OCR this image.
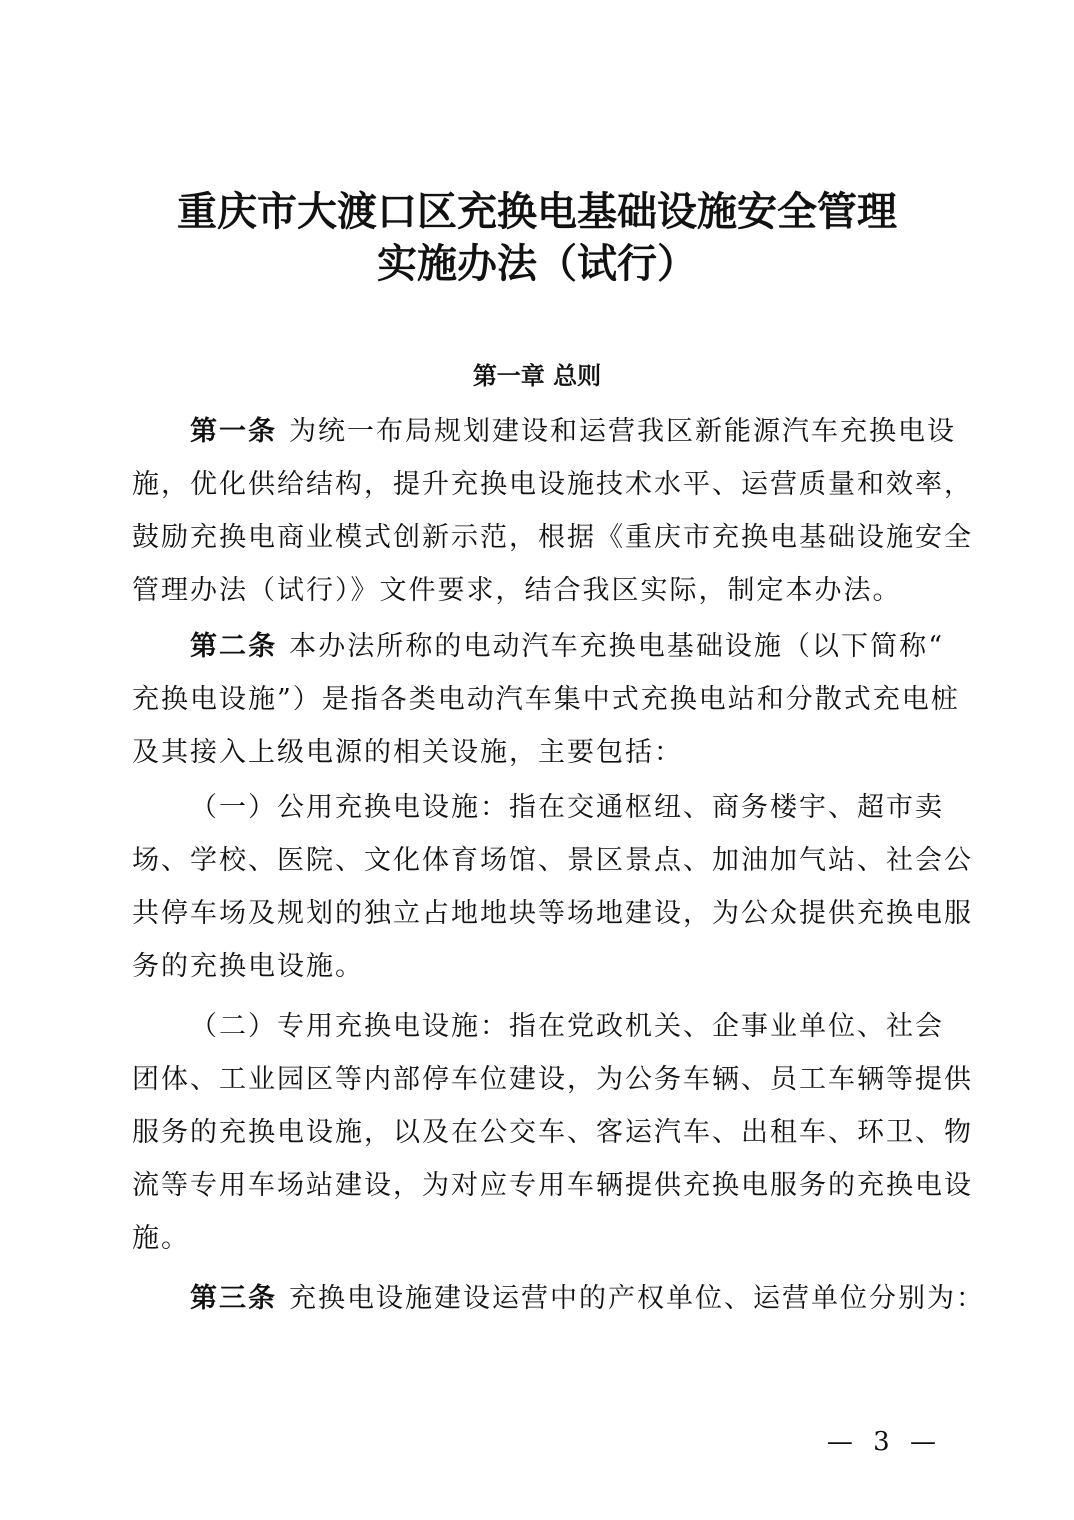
重庆市大渡口区充换电基础设施安全管理
实施办法（试行）
第一章 总则
第一条 为统一布局规划建设和运营我区新能源汽车充换电设
施，优化供给结构，提升充换电设施技术水平、运营质量和效率，
鼓励充换电商业模式创新示范，根据《重庆市充换电基础设施安全
管理办法（试行）》文件要求，结合我区实际，制定本办法。
第二条 本办法所称的电动汽车充换电基础设施（以下简称“
充换电设施”）是指各类电动汽车集中式充换电站和分散式充电桩
及其接入上级电源的相关设施，主要包括：
（一）公用充换电设施：指在交通枢纽、商务楼宇、超市卖
场、学校、医院、文化体育场馆、景区景点、加油加气站、社会公
共停车场及规划的独立占地地块等场地建设，为公众提供充换电服
务的充换电设施。
（二）专用充换电设施：指在党政机关、企事业单位、社会
团体、工业园区等内部停车位建设，为公务车辆、员工车辆等提供
服务的充换电设施，以及在公交车、客运汽车、出租车、环卫、物
流等专用车场站建设，为对应专用车辆提供充换电服务的充换电设
施。
第三条 充换电设施建设运营中的产权单位、运营单位分别为：
— 3 —
